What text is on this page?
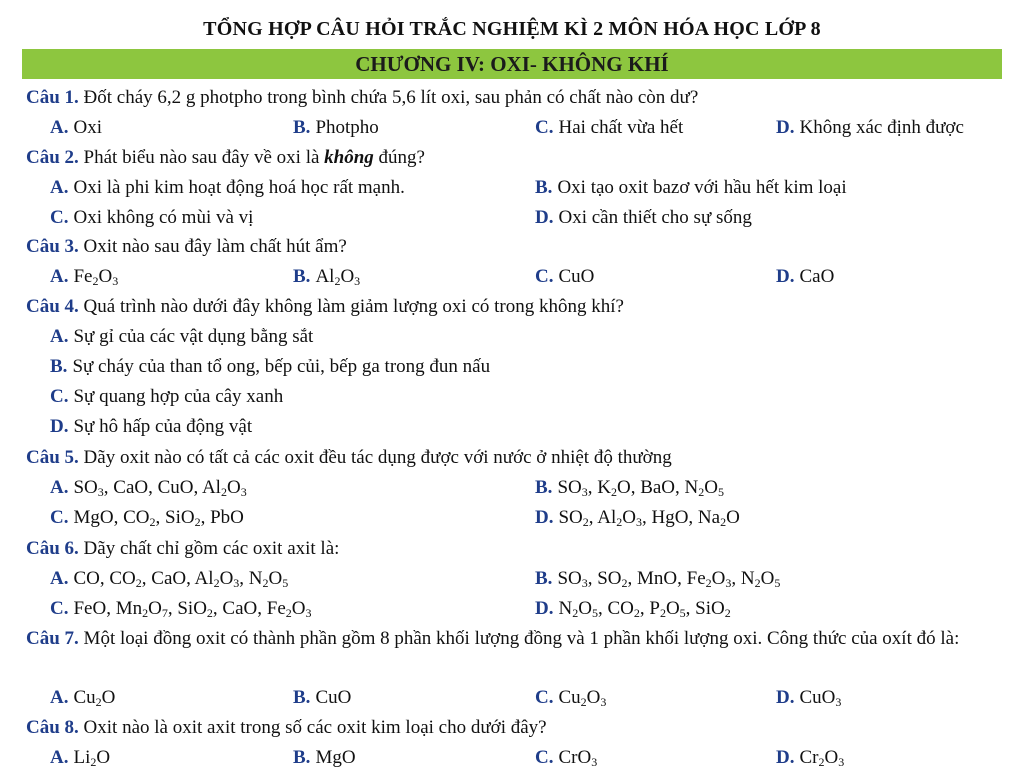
TỔNG HỢP CÂU HỎI TRẮC NGHIỆM KÌ 2 MÔN HÓA HỌC LỚP 8
CHƯƠNG IV: OXI- KHÔNG KHÍ
Câu 1. Đốt cháy 6,2 g photpho trong bình chứa 5,6 lít oxi, sau phản có chất nào còn dư?
A. Oxi	B. Photpho	C. Hai chất vừa hết	D. Không xác định được
Câu 2. Phát biểu nào sau đây về oxi là không đúng?
A. Oxi là phi kim hoạt động hoá học rất mạnh.	B. Oxi tạo oxit bazơ với hầu hết kim loại
C. Oxi không có mùi và vị	D. Oxi cần thiết cho sự sống
Câu 3. Oxit nào sau đây làm chất hút ẩm?
A. $Fe_2O_3$	B. $Al_2O_3$	C. CuO	D. CaO
Câu 4. Quá trình nào dưới đây không làm giảm lượng oxi có trong không khí?
A. Sự gỉ của các vật dụng bằng sắt
B. Sự cháy của than tổ ong, bếp củi, bếp ga trong đun nấu
C. Sự quang hợp của cây xanh
D. Sự hô hấp của động vật
Câu 5. Dãy oxit nào có tất cả các oxit đều tác dụng được với nước ở nhiệt độ thường
A. $SO_3$, CaO, CuO, $Al_2O_3$	B. $SO_3$, $K_2O$, BaO, $N_2O_5$
C. MgO, $CO_2$, SiO$_2$, PbO	D. $SO_2$, $Al_2O_3$, HgO, $Na_2O$
Câu 6. Dãy chất chỉ gồm các oxit axit là:
A. CO, $CO_2$, CaO, $Al_2O_3$, $N_2O_5$	B. $SO_3$, $SO_2$, MnO, $Fe_2O_3$, $N_2O_5$
C. FeO, $Mn_2O_7$, SiO$_2$, CaO, $Fe_2O_3$	D. $N_2O_5$, $CO_2$, $P_2O_5$, SiO$_2$
Câu 7. Một loại đồng oxit có thành phần gồm 8 phần khối lượng đồng và 1 phần khối lượng oxi. Công thức của oxít đó là:
A. $Cu_2O$	B. CuO	C. $Cu_2O_3$	D. CuO$_3$
Câu 8. Oxit nào là oxit axit trong số các oxit kim loại cho dưới đây?
A. $Li_2O$	B. MgO	C. CrO$_3$	D. $Cr_2O_3$
